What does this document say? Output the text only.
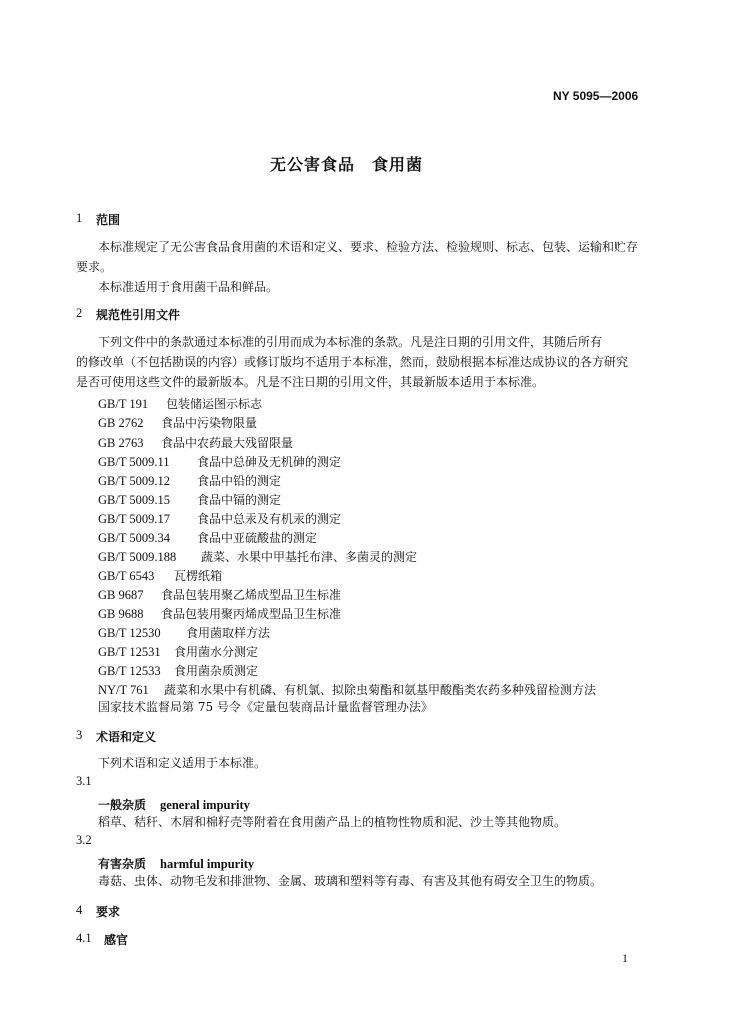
NY 5095—2006
无公害食品　食用菌
1 范围
本标准规定了无公害食品食用菌的术语和定义、要求、检验方法、检验规则、标志、包装、运输和贮存
要求。
本标准适用于食用菌干品和鲜品。
2 规范性引用文件
下列文件中的条款通过本标准的引用而成为本标准的条款。凡是注日期的引用文件，其随后所有
的修改单（不包括勘误的内容）或修订版均不适用于本标准，然而，鼓励根据本标准达成协议的各方研究
是否可使用这些文件的最新版本。凡是不注日期的引用文件，其最新版本适用于本标准。
GB/T 191 包装储运图示标志
GB 2762 食品中污染物限量
GB 2763 食品中农药最大残留限量
GB/T 5009.11 食品中总砷及无机砷的测定
GB/T 5009.12 食品中铅的测定
GB/T 5009.15 食品中镉的测定
GB/T 5009.17 食品中总汞及有机汞的测定
GB/T 5009.34 食品中亚硫酸盐的测定
GB/T 5009.188 蔬菜、水果中甲基托布津、多菌灵的测定
GB/T 6543 瓦楞纸箱
GB 9687 食品包装用聚乙烯成型品卫生标准
GB 9688 食品包装用聚丙烯成型品卫生标准
GB/T 12530 食用菌取样方法
GB/T 12531 食用菌水分测定
GB/T 12533 食用菌杂质测定
NY/T 761 蔬菜和水果中有机磷、有机氯、拟除虫菊酯和氨基甲酸酯类农药多种残留检测方法
国家技术监督局第 75 号令《定量包装商品计量监督管理办法》
3 术语和定义
下列术语和定义适用于本标准。
3.1
一般杂质 general impurity
稻草、秸秆、木屑和棉籽壳等附着在食用菌产品上的植物性物质和泥、沙土等其他物质。
3.2
有害杂质 harmful impurity
毒菇、虫体、动物毛发和排泄物、金属、玻璃和塑料等有毒、有害及其他有碍安全卫生的物质。
4 要求
4.1 感官
1
